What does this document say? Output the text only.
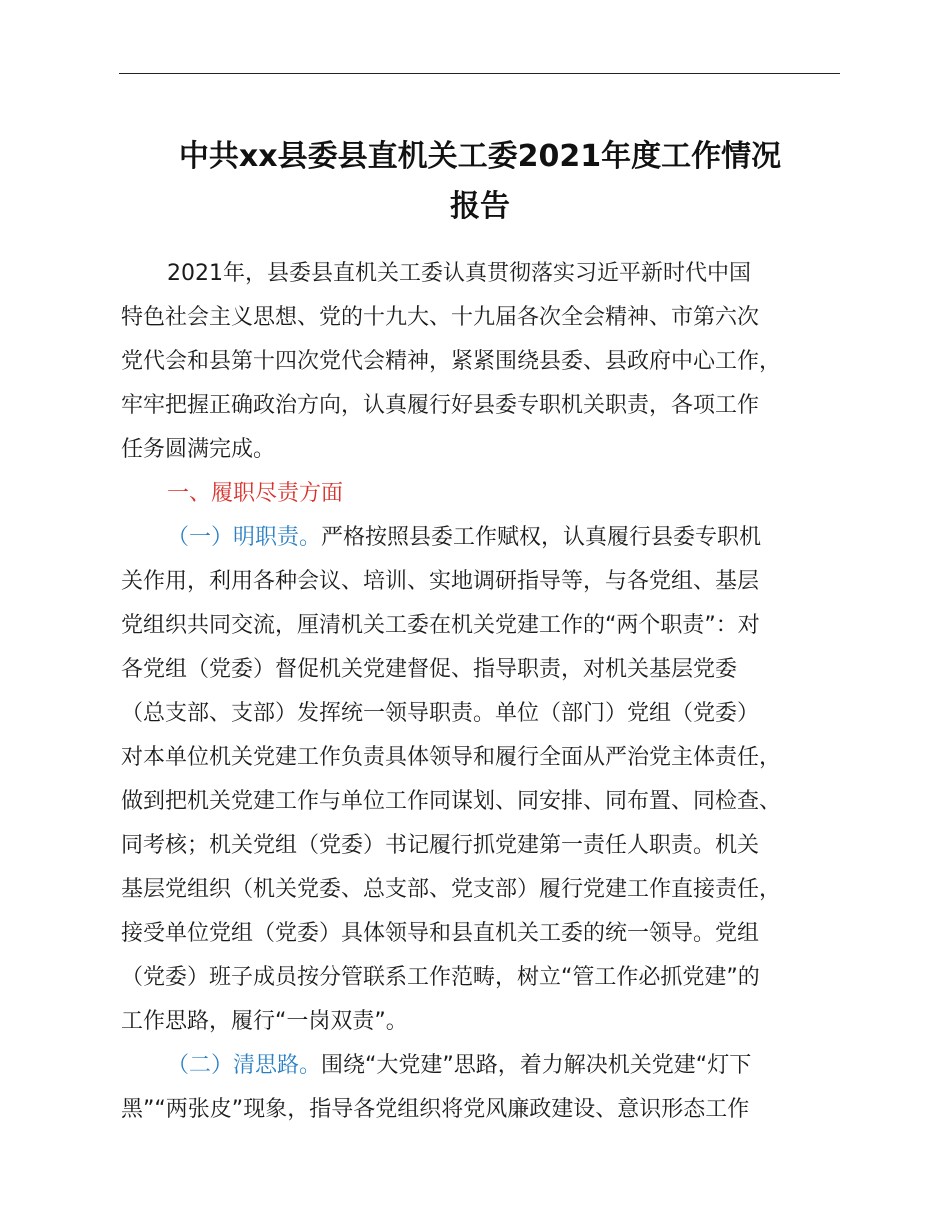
中共xx县委县直机关工委2021年度工作情况
报告
2021年，县委县直机关工委认真贯彻落实习近平新时代中国
特色社会主义思想、党的十九大、十九届各次全会精神、市第六次
党代会和县第十四次党代会精神，紧紧围绕县委、县政府中心工作，
牢牢把握正确政治方向，认真履行好县委专职机关职责，各项工作
任务圆满完成。
一、履职尽责方面
（一）明职责。严格按照县委工作赋权，认真履行县委专职机
关作用，利用各种会议、培训、实地调研指导等，与各党组、基层
党组织共同交流，厘清机关工委在机关党建工作的“两个职责”：对
各党组（党委）督促机关党建督促、指导职责，对机关基层党委
（总支部、支部）发挥统一领导职责。单位（部门）党组（党委）
对本单位机关党建工作负责具体领导和履行全面从严治党主体责任，
做到把机关党建工作与单位工作同谋划、同安排、同布置、同检查、
同考核；机关党组（党委）书记履行抓党建第一责任人职责。机关
基层党组织（机关党委、总支部、党支部）履行党建工作直接责任，
接受单位党组（党委）具体领导和县直机关工委的统一领导。党组
（党委）班子成员按分管联系工作范畴，树立“管工作必抓党建”的
工作思路，履行“一岗双责”。
（二）清思路。围绕“大党建”思路，着力解决机关党建“灯下
黑”“两张皮”现象，指导各党组织将党风廉政建设、意识形态工作
